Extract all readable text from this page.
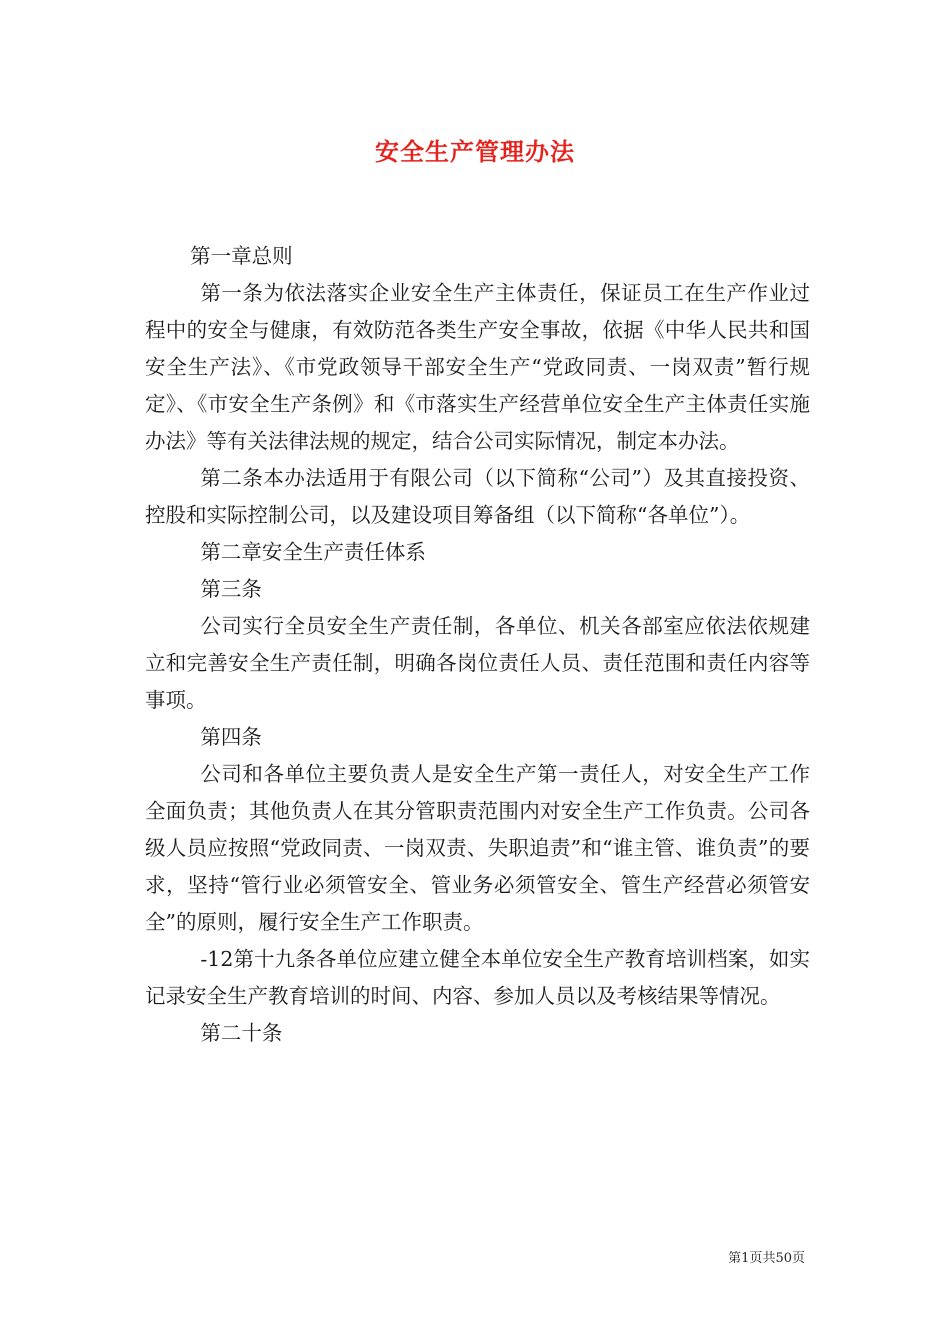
安全生产管理办法

第一章总则

第一条为依法落实企业安全生产主体责任，保证员工在生产作业过程中的安全与健康，有效防范各类生产安全事故，依据《中华人民共和国安全生产法》、《市党政领导干部安全生产“党政同责、一岗双责”暂行规定》、《市安全生产条例》和《市落实生产经营单位安全生产主体责任实施办法》等有关法律法规的规定，结合公司实际情况，制定本办法。

第二条本办法适用于有限公司（以下简称“公司”）及其直接投资、控股和实际控制公司，以及建设项目筹备组（以下简称“各单位”）。

第二章安全生产责任体系

第三条

公司实行全员安全生产责任制，各单位、机关各部室应依法依规建立和完善安全生产责任制，明确各岗位责任人员、责任范围和责任内容等事项。

第四条

公司和各单位主要负责人是安全生产第一责任人，对安全生产工作全面负责；其他负责人在其分管职责范围内对安全生产工作负责。公司各级人员应按照“党政同责、一岗双责、失职追责”和“谁主管、谁负责”的要求，坚持“管行业必须管安全、管业务必须管安全、管生产经营必须管安全”的原则，履行安全生产工作职责。

-12第十九条各单位应建立健全本单位安全生产教育培训档案，如实记录安全生产教育培训的时间、内容、参加人员以及考核结果等情况。

第二十条

第1页共50页
